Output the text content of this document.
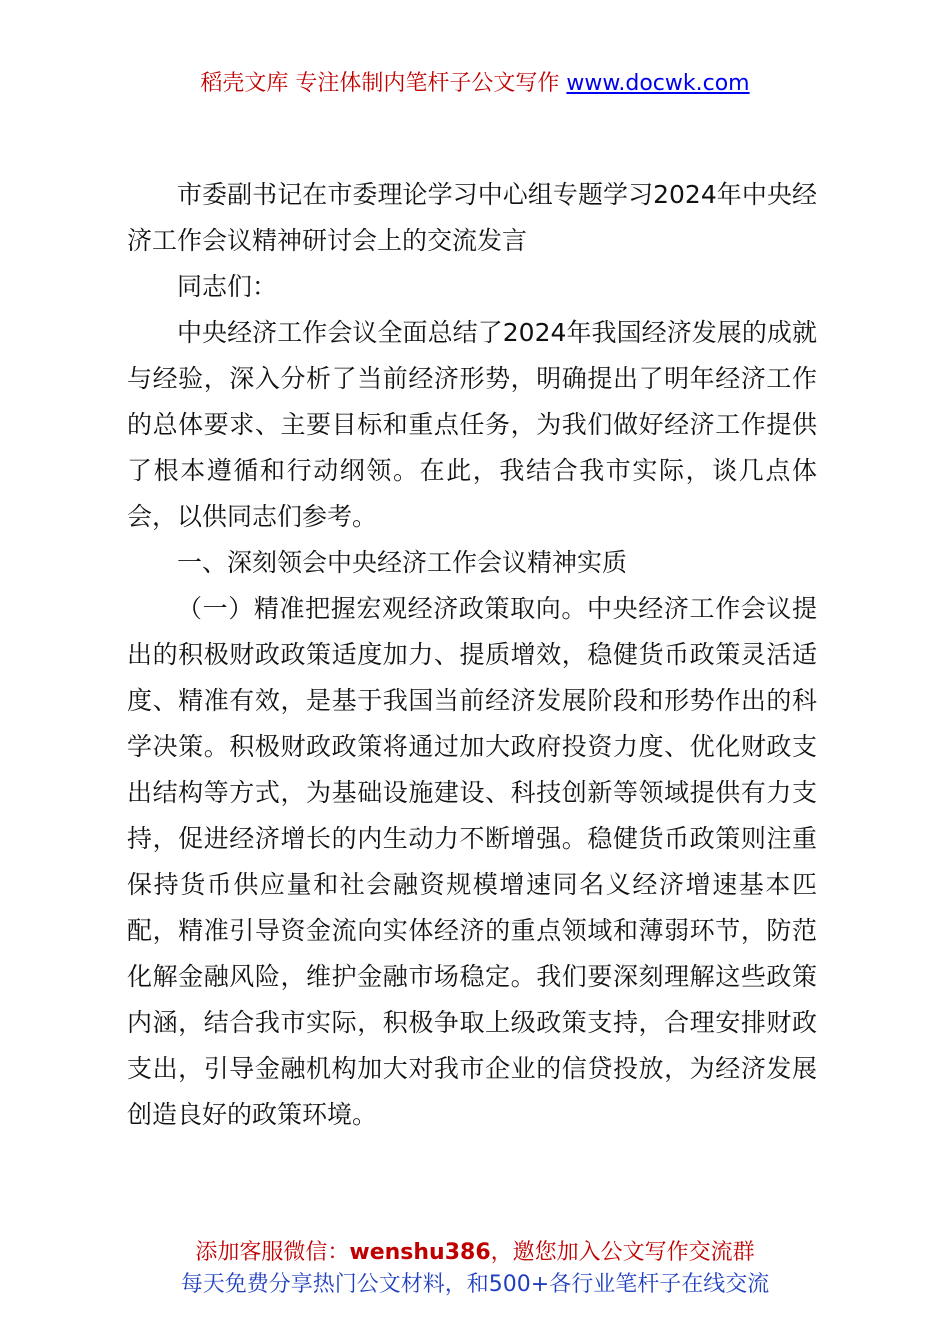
稻壳文库 专注体制内笔杆子公文写作 www.docwk.com

市委副书记在市委理论学习中心组专题学习2024年中央经济工作会议精神研讨会上的交流发言

同志们：

中央经济工作会议全面总结了2024年我国经济发展的成就与经验，深入分析了当前经济形势，明确提出了明年经济工作的总体要求、主要目标和重点任务，为我们做好经济工作提供了根本遵循和行动纲领。在此，我结合我市实际，谈几点体会，以供同志们参考。

一、深刻领会中央经济工作会议精神实质

（一）精准把握宏观经济政策取向。中央经济工作会议提出的积极财政政策适度加力、提质增效，稳健货币政策灵活适度、精准有效，是基于我国当前经济发展阶段和形势作出的科学决策。积极财政政策将通过加大政府投资力度、优化财政支出结构等方式，为基础设施建设、科技创新等领域提供有力支持，促进经济增长的内生动力不断增强。稳健货币政策则注重保持货币供应量和社会融资规模增速同名义经济增速基本匹配，精准引导资金流向实体经济的重点领域和薄弱环节，防范化解金融风险，维护金融市场稳定。我们要深刻理解这些政策内涵，结合我市实际，积极争取上级政策支持，合理安排财政支出，引导金融机构加大对我市企业的信贷投放，为经济发展创造良好的政策环境。

添加客服微信：wenshu386，邀您加入公文写作交流群
每天免费分享热门公文材料，和500+各行业笔杆子在线交流
